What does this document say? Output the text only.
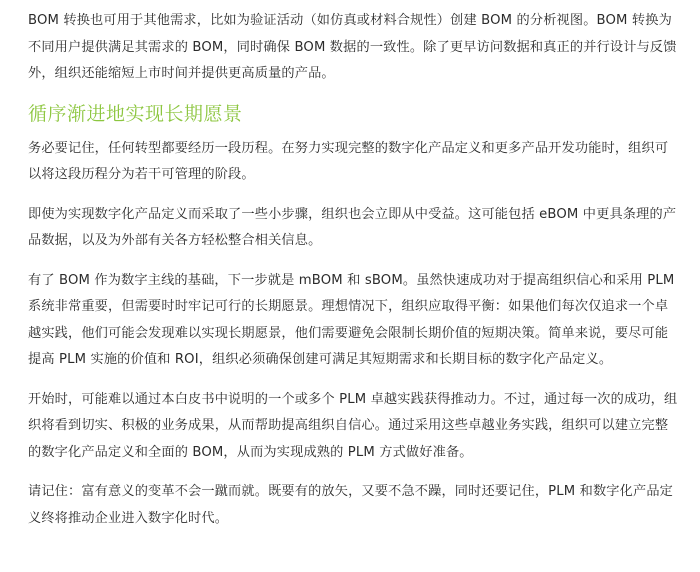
BOM 转换也可用于其他需求，比如为验证活动（如仿真或材料合规性）创建 BOM 的分析视图。BOM 转换为不同用户提供满足其需求的 BOM，同时确保 BOM 数据的一致性。除了更早访问数据和真正的并行设计与反馈外，组织还能缩短上市时间并提供更高质量的产品。

循序渐进地实现长期愿景

务必要记住，任何转型都要经历一段历程。在努力实现完整的数字化产品定义和更多产品开发功能时，组织可以将这段历程分为若干可管理的阶段。

即使为实现数字化产品定义而采取了一些小步骤，组织也会立即从中受益。这可能包括 eBOM 中更具条理的产品数据，以及为外部有关各方轻松整合相关信息。

有了 BOM 作为数字主线的基础，下一步就是 mBOM 和 sBOM。虽然快速成功对于提高组织信心和采用 PLM 系统非常重要，但需要时时牢记可行的长期愿景。理想情况下，组织应取得平衡：如果他们每次仅追求一个卓越实践，他们可能会发现难以实现长期愿景，他们需要避免会限制长期价值的短期决策。简单来说，要尽可能提高 PLM 实施的价值和 ROI，组织必须确保创建可满足其短期需求和长期目标的数字化产品定义。

开始时，可能难以通过本白皮书中说明的一个或多个 PLM 卓越实践获得推动力。不过，通过每一次的成功，组织将看到切实、积极的业务成果，从而帮助提高组织自信心。通过采用这些卓越业务实践，组织可以建立完整的数字化产品定义和全面的 BOM，从而为实现成熟的 PLM 方式做好准备。

请记住：富有意义的变革不会一蹴而就。既要有的放矢，又要不急不躁，同时还要记住，PLM 和数字化产品定义终将推动企业进入数字化时代。
